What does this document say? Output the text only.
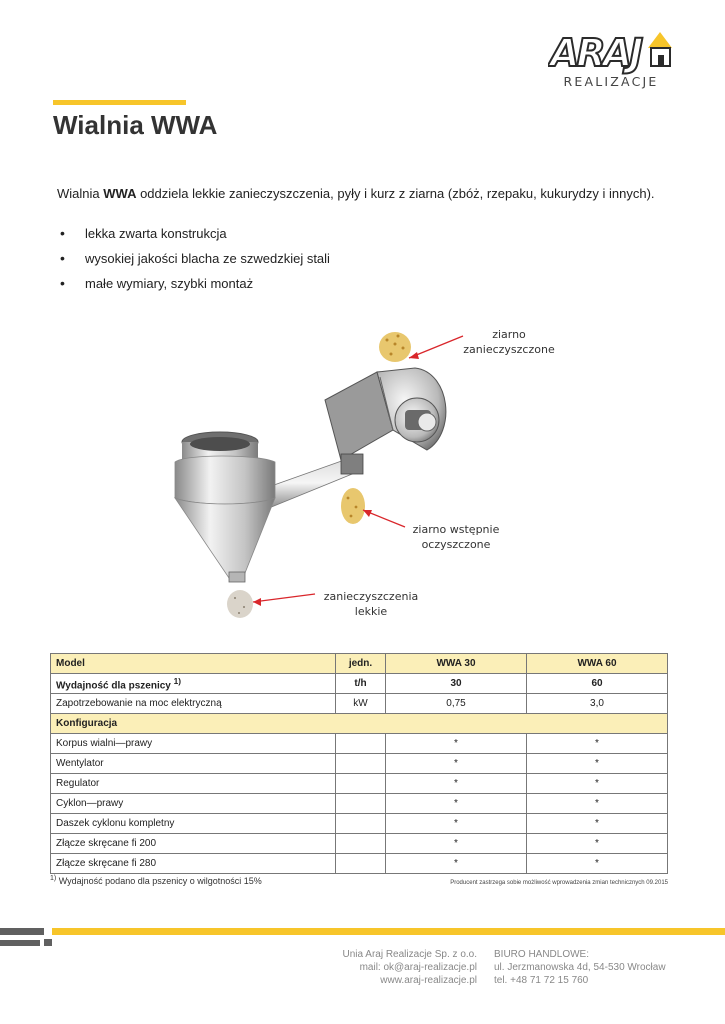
ARAJ
REALIZACJE
Wialnia WWA

Wialnia WWA oddziela lekkie zanieczyszczenia, pyły i kurz z ziarna (zbóż, rzepaku, kukurydzy i innych).

• lekka zwarta konstrukcja
• wysokiej jakości blacha ze szwedzkiej stali
• małe wymiary, szybki montaż
ziarno
zanieczyszczone
ziarno wstępnie
oczyszczone
zanieczyszczenia
lekkie
Model	jedn.	WWA 30	WWA 60
Wydajność dla pszenicy $^{1)}$	t/h	30	60
Zapotrzebowanie na moc elektryczną	kW	0,75	3,0
Konfiguracja			
Korpus wialni—prawy		*	*
Wentylator		*	*
Regulator		*	*
Cyklon—prawy		*	*
Daszek cyklonu kompletny		*	*
Złącze skręcane fi 200		*	*
Złącze skręcane fi 280		*	*
$^{1)}$ Wydajność podano dla pszenicy o wilgotności 15%	Producent zastrzega sobie możliwość wprowadzenia zmian technicznych 09.2015
Unia Araj Realizacje Sp. z o.o.
mail: ok@araj-realizacje.pl
www.araj-realizacje.pl
BIURO HANDLOWE:
ul. Jerzmanowska 4d, 54-530 Wrocław
tel. +48 71 72 15 760
